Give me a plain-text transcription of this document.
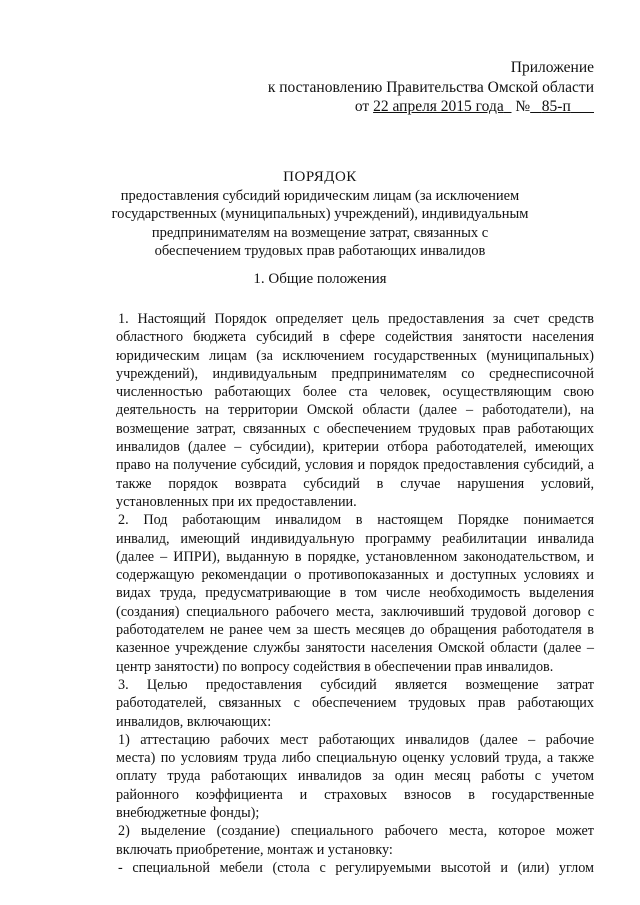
Приложение
к постановлению Правительства Омской области
от 22 апреля 2015 года № 85-п
ПОРЯДОК
предоставления субсидий юридическим лицам (за исключением
государственных (муниципальных) учреждений), индивидуальным
предпринимателям на возмещение затрат, связанных с
обеспечением трудовых прав работающих инвалидов
1. Общие положения

1. Настоящий Порядок определяет цель предоставления за счет средств
областного бюджета субсидий в сфере содействия занятости населения
юридическим лицам (за исключением государственных (муниципальных)
учреждений), индивидуальным предпринимателям со среднесписочной
численностью работающих более ста человек, осуществляющим свою
деятельность на территории Омской области (далее – работодатели), на
возмещение затрат, связанных с обеспечением трудовых прав работающих
инвалидов (далее – субсидии), критерии отбора работодателей, имеющих
право на получение субсидий, условия и порядок предоставления субсидий, а
также порядок возврата субсидий в случае нарушения условий,
установленных при их предоставлении.

2. Под работающим инвалидом в настоящем Порядке понимается
инвалид, имеющий индивидуальную программу реабилитации инвалида
(далее – ИПРИ), выданную в порядке, установленном законодательством, и
содержащую рекомендации о противопоказанных и доступных условиях и
видах труда, предусматривающие в том числе необходимость выделения
(создания) специального рабочего места, заключивший трудовой договор с
работодателем не ранее чем за шесть месяцев до обращения работодателя в
казенное учреждение службы занятости населения Омской области (далее –
центр занятости) по вопросу содействия в обеспечении прав инвалидов.

3. Целью предоставления субсидий является возмещение затрат
работодателей, связанных с обеспечением трудовых прав работающих
инвалидов, включающих:

1) аттестацию рабочих мест работающих инвалидов (далее – рабочие
места) по условиям труда либо специальную оценку условий труда, а также
оплату труда работающих инвалидов за один месяц работы с учетом
районного коэффициента и страховых взносов в государственные
внебюджетные фонды);

2) выделение (создание) специального рабочего места, которое может
включать приобретение, монтаж и установку:

- специальной мебели (стола с регулируемыми высотой и (или) углом
